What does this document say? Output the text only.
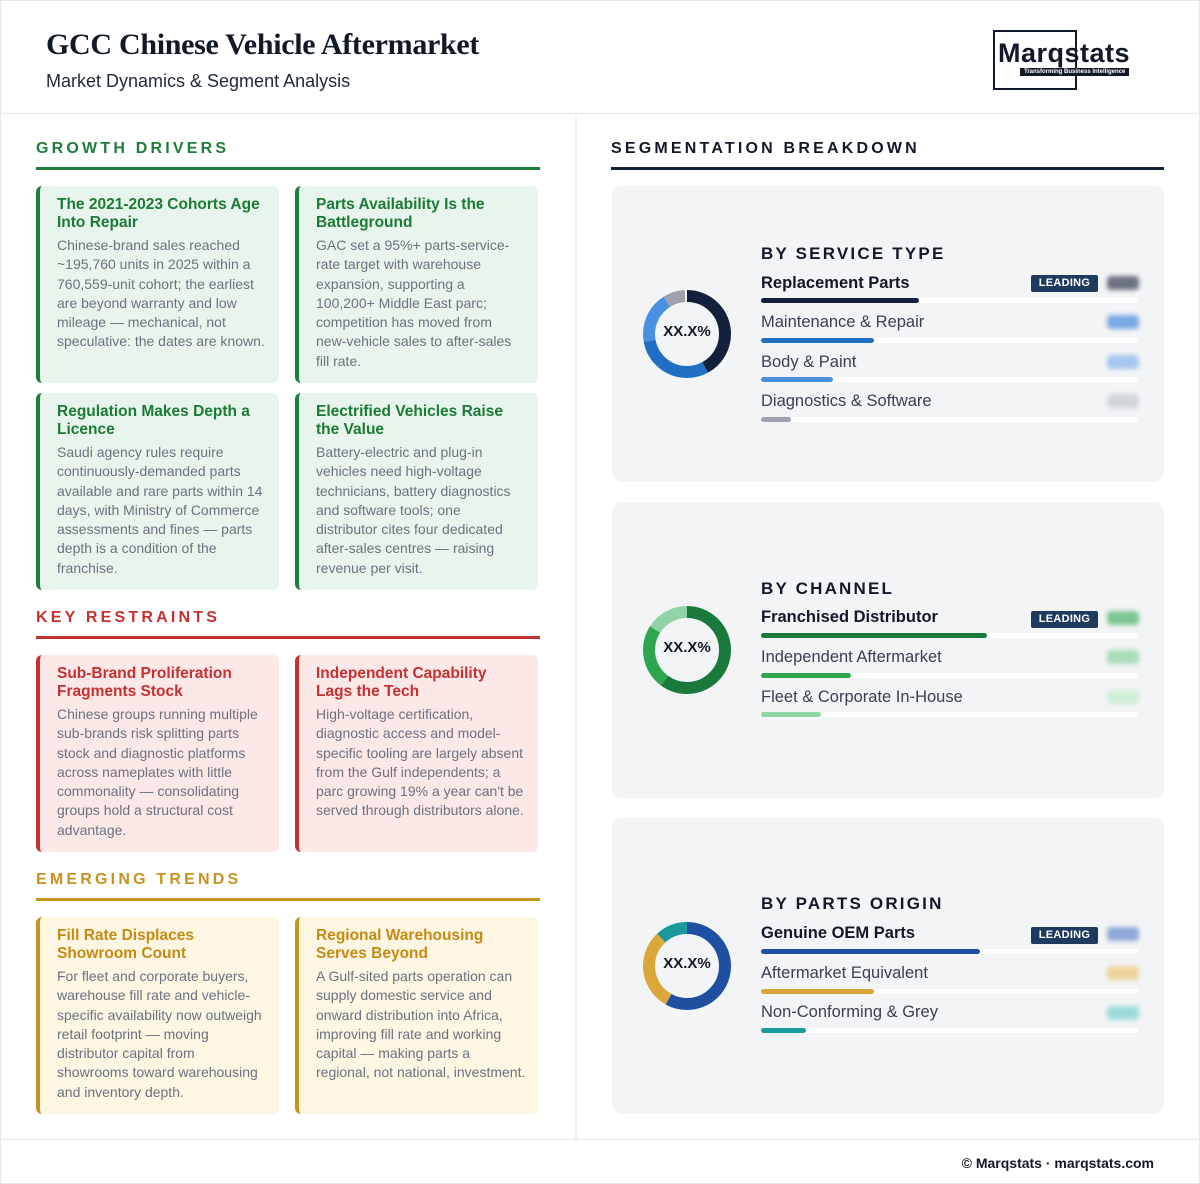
GCC Chinese Vehicle Aftermarket
Market Dynamics & Segment Analysis
Marqstats
Transforming Business Intelligence
GROWTH DRIVERS
The 2021-2023 Cohorts Age Into Repair
Chinese-brand sales reached ~195,760 units in 2025 within a 760,559-unit cohort; the earliest are beyond warranty and low mileage — mechanical, not speculative: the dates are known.
Parts Availability Is the Battleground
GAC set a 95%+ parts-service-rate target with warehouse expansion, supporting a 100,200+ Middle East parc; competition has moved from new-vehicle sales to after-sales fill rate.
Regulation Makes Depth a Licence
Saudi agency rules require continuously-demanded parts available and rare parts within 14 days, with Ministry of Commerce assessments and fines — parts depth is a condition of the franchise.
Electrified Vehicles Raise the Value
Battery-electric and plug-in vehicles need high-voltage technicians, battery diagnostics and software tools; one distributor cites four dedicated after-sales centres — raising revenue per visit.
KEY RESTRAINTS
Sub-Brand Proliferation Fragments Stock
Chinese groups running multiple sub-brands risk splitting parts stock and diagnostic platforms across nameplates with little commonality — consolidating groups hold a structural cost advantage.
Independent Capability Lags the Tech
High-voltage certification, diagnostic access and model-specific tooling are largely absent from the Gulf independents; a parc growing 19% a year can't be served through distributors alone.
EMERGING TRENDS
Fill Rate Displaces Showroom Count
For fleet and corporate buyers, warehouse fill rate and vehicle-specific availability now outweigh retail footprint — moving distributor capital from showrooms toward warehousing and inventory depth.
Regional Warehousing Serves Beyond
A Gulf-sited parts operation can supply domestic service and onward distribution into Africa, improving fill rate and working capital — making parts a regional, not national, investment.
SEGMENTATION BREAKDOWN
BY SERVICE TYPE
XX.X%
Replacement Parts	LEADING
Maintenance & Repair
Body & Paint
Diagnostics & Software
BY CHANNEL
XX.X%
Franchised Distributor	LEADING
Independent Aftermarket
Fleet & Corporate In-House
BY PARTS ORIGIN
XX.X%
Genuine OEM Parts	LEADING
Aftermarket Equivalent
Non-Conforming & Grey
© Marqstats · marqstats.com
